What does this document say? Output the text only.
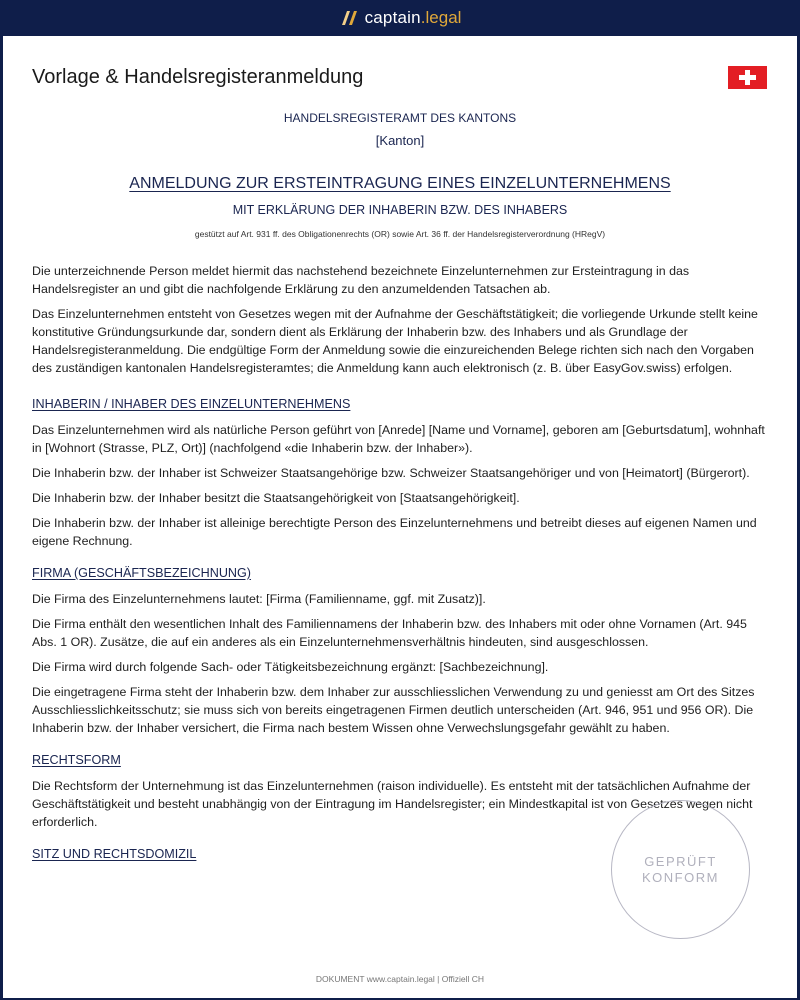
captain.legal
Vorlage & Handelsregisteranmeldung
HANDELSREGISTERAMT DES KANTONS
[Kanton]
ANMELDUNG ZUR ERSTEINTRAGUNG EINES EINZELUNTERNEHMENS
MIT ERKLÄRUNG DER INHABERIN BZW. DES INHABERS
gestützt auf Art. 931 ff. des Obligationenrechts (OR) sowie Art. 36 ff. der Handelsregisterverordnung (HRegV)

Die unterzeichnende Person meldet hiermit das nachstehend bezeichnete Einzelunternehmen zur Ersteintragung in das Handelsregister an und gibt die nachfolgende Erklärung zu den anzumeldenden Tatsachen ab.

Das Einzelunternehmen entsteht von Gesetzes wegen mit der Aufnahme der Geschäftstätigkeit; die vorliegende Urkunde stellt keine konstitutive Gründungsurkunde dar, sondern dient als Erklärung der Inhaberin bzw. des Inhabers und als Grundlage der Handelsregisteranmeldung. Die endgültige Form der Anmeldung sowie die einzureichenden Belege richten sich nach den Vorgaben des zuständigen kantonalen Handelsregisteramtes; die Anmeldung kann auch elektronisch (z. B. über EasyGov.swiss) erfolgen.

INHABERIN / INHABER DES EINZELUNTERNEHMENS

Das Einzelunternehmen wird als natürliche Person geführt von [Anrede] [Name und Vorname], geboren am [Geburtsdatum], wohnhaft in [Wohnort (Strasse, PLZ, Ort)] (nachfolgend «die Inhaberin bzw. der Inhaber»).

Die Inhaberin bzw. der Inhaber ist Schweizer Staatsangehörige bzw. Schweizer Staatsangehöriger und von [Heimatort] (Bürgerort).

Die Inhaberin bzw. der Inhaber besitzt die Staatsangehörigkeit von [Staatsangehörigkeit].

Die Inhaberin bzw. der Inhaber ist alleinige berechtigte Person des Einzelunternehmens und betreibt dieses auf eigenen Namen und eigene Rechnung.

FIRMA (GESCHÄFTSBEZEICHNUNG)

Die Firma des Einzelunternehmens lautet: [Firma (Familienname, ggf. mit Zusatz)].

Die Firma enthält den wesentlichen Inhalt des Familiennamens der Inhaberin bzw. des Inhabers mit oder ohne Vornamen (Art. 945 Abs. 1 OR). Zusätze, die auf ein anderes als ein Einzelunternehmensverhältnis hindeuten, sind ausgeschlossen.

Die Firma wird durch folgende Sach- oder Tätigkeitsbezeichnung ergänzt: [Sachbezeichnung].

Die eingetragene Firma steht der Inhaberin bzw. dem Inhaber zur ausschliesslichen Verwendung zu und geniesst am Ort des Sitzes Ausschliesslichkeitsschutz; sie muss sich von bereits eingetragenen Firmen deutlich unterscheiden (Art. 946, 951 und 956 OR). Die Inhaberin bzw. der Inhaber versichert, die Firma nach bestem Wissen ohne Verwechslungsgefahr gewählt zu haben.

RECHTSFORM

Die Rechtsform der Unternehmung ist das Einzelunternehmen (raison individuelle). Es entsteht mit der tatsächlichen Aufnahme der Geschäftstätigkeit und besteht unabhängig von der Eintragung im Handelsregister; ein Mindestkapital ist von Gesetzes wegen nicht erforderlich.

SITZ UND RECHTSDOMIZIL	GEPRÜFT
KONFORM
DOKUMENT www.captain.legal | Offiziell CH
